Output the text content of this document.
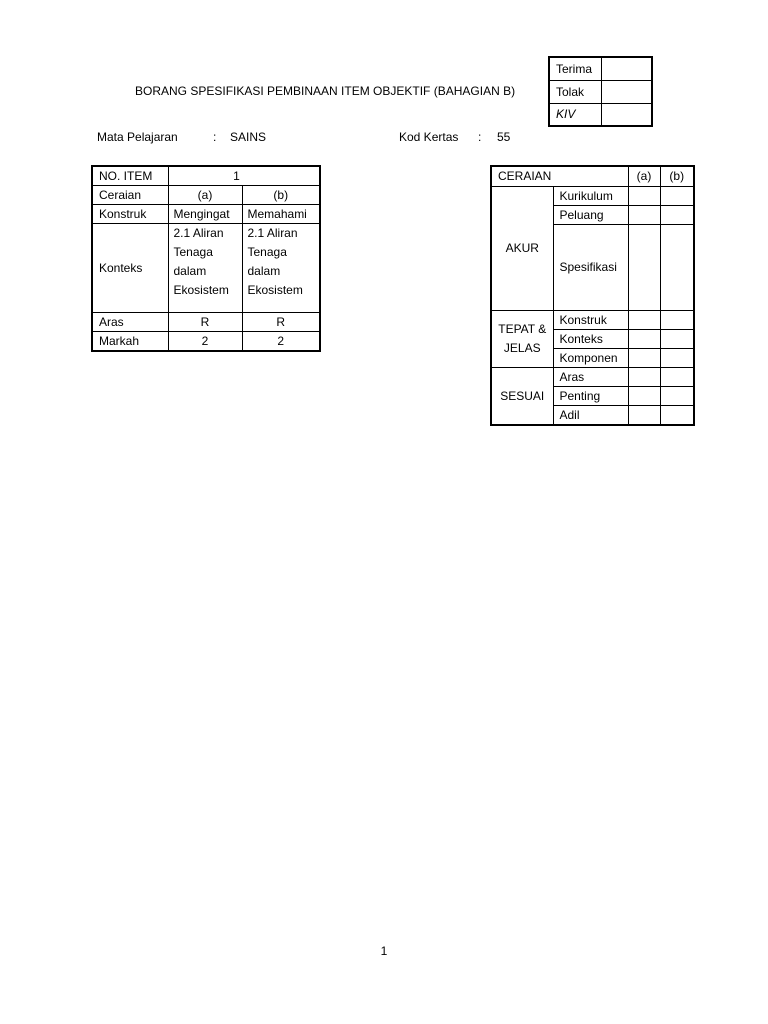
Terima	
Tolak	
KIV	
BORANG SPESIFIKASI PEMBINAAN ITEM OBJEKTIF (BAHAGIAN B)
Mata Pelajaran	: SAINS	Kod Kertas : 55
NO. ITEM	1	
Ceraian	(a)	(b)
Konstruk	Mengingat	Memahami
Konteks	2.1 Aliran Tenaga dalam Ekosistem	2.1 Aliran Tenaga dalam Ekosistem
Aras	R	R
Markah	2	2
CERAIAN		(a)	(b)
AKUR	Kurikulum		
	Peluang		
	Spesifikasi		
TEPAT & JELAS	Konstruk		
	Konteks		
	Komponen		
SESUAI	Aras		
	Penting		
	Adil		
1
